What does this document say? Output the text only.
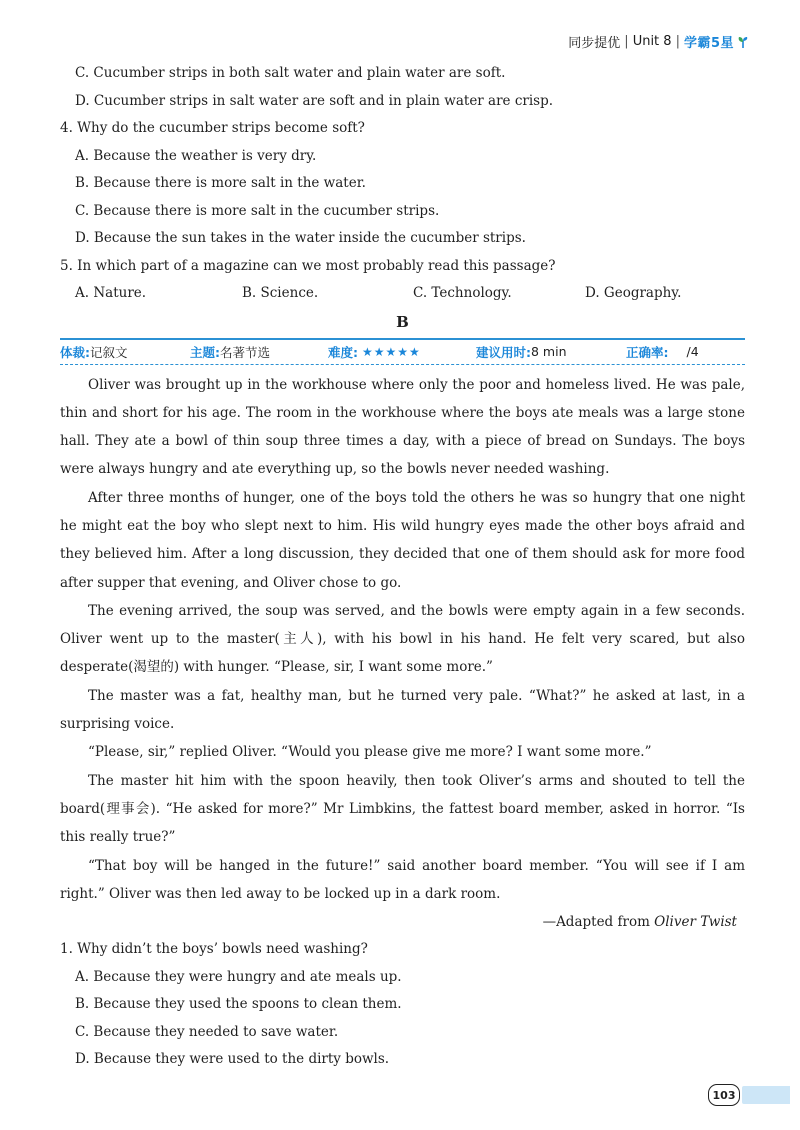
同步提优 | Unit 8 | 学霸5星
C. Cucumber strips in both salt water and plain water are soft.
D. Cucumber strips in salt water are soft and in plain water are crisp.
4. Why do the cucumber strips become soft?
A. Because the weather is very dry.
B. Because there is more salt in the water.
C. Because there is more salt in the cucumber strips.
D. Because the sun takes in the water inside the cucumber strips.
5. In which part of a magazine can we most probably read this passage?
A. Nature.	B. Science.	C. Technology.	D. Geography.
B
体裁: 记叙文	主题: 名著节选	难度: ★★★★★	建议用时: 8 min	正确率: /4

Oliver was brought up in the workhouse where only the poor and homeless lived. He was pale, thin and short for his age. The room in the workhouse where the boys ate meals was a large stone hall. They ate a bowl of thin soup three times a day, with a piece of bread on Sundays. The boys were always hungry and ate everything up, so the bowls never needed washing.

After three months of hunger, one of the boys told the others he was so hungry that one night he might eat the boy who slept next to him. His wild hungry eyes made the other boys afraid and they believed him. After a long discussion, they decided that one of them should ask for more food after supper that evening, and Oliver chose to go.

The evening arrived, the soup was served, and the bowls were empty again in a few seconds. Oliver went up to the master(主人), with his bowl in his hand. He felt very scared, but also desperate(渴望的) with hunger. “Please, sir, I want some more.”

The master was a fat, healthy man, but he turned very pale. “What?” he asked at last, in a surprising voice.

“Please, sir,” replied Oliver. “Would you please give me more? I want some more.”

The master hit him with the spoon heavily, then took Oliver’s arms and shouted to tell the board(理事会). “He asked for more?” Mr Limbkins, the fattest board member, asked in horror. “Is this really true?”

“That boy will be hanged in the future!” said another board member. “You will see if I am right.” Oliver was then led away to be locked up in a dark room.

—Adapted from Oliver Twist
1. Why didn’t the boys’ bowls need washing?
A. Because they were hungry and ate meals up.
B. Because they used the spoons to clean them.
C. Because they needed to save water.
D. Because they were used to the dirty bowls.
103
